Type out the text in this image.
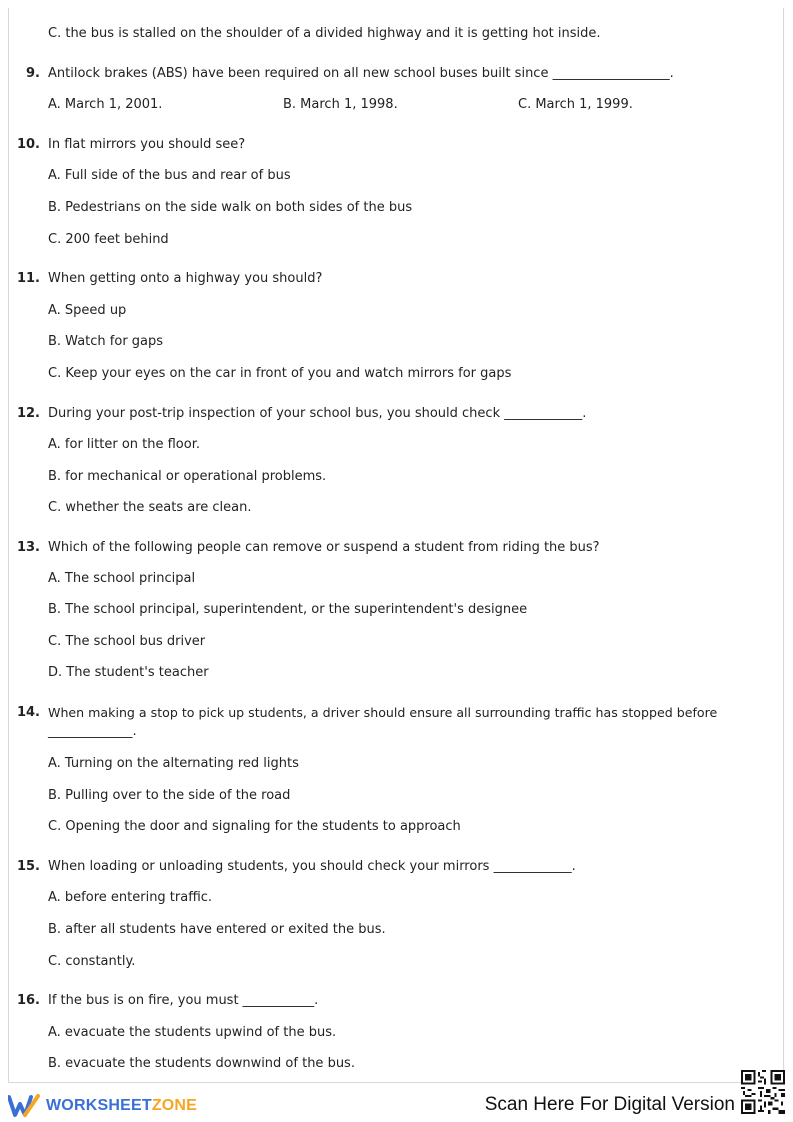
C. the bus is stalled on the shoulder of a divided highway and it is getting hot inside.
9. Antilock brakes (ABS) have been required on all new school buses built since __________________.
A. March 1, 2001.	B. March 1, 1998.	C. March 1, 1999.
10. In flat mirrors you should see?
A. Full side of the bus and rear of bus
B. Pedestrians on the side walk on both sides of the bus
C. 200 feet behind
11. When getting onto a highway you should?
A. Speed up
B. Watch for gaps
C. Keep your eyes on the car in front of you and watch mirrors for gaps
12. During your post-trip inspection of your school bus, you should check ____________.
A. for litter on the floor.
B. for mechanical or operational problems.
C. whether the seats are clean.
13. Which of the following people can remove or suspend a student from riding the bus?
A. The school principal
B. The school principal, superintendent, or the superintendent's designee
C. The school bus driver
D. The student's teacher
14. When making a stop to pick up students, a driver should ensure all surrounding traffic has stopped before
_____________.
A. Turning on the alternating red lights
B. Pulling over to the side of the road
C. Opening the door and signaling for the students to approach
15. When loading or unloading students, you should check your mirrors ____________.
A. before entering traffic.
B. after all students have entered or exited the bus.
C. constantly.
16. If the bus is on fire, you must ___________.
A. evacuate the students upwind of the bus.
B. evacuate the students downwind of the bus.
WORKSHEETZONE	Scan Here For Digital Version
